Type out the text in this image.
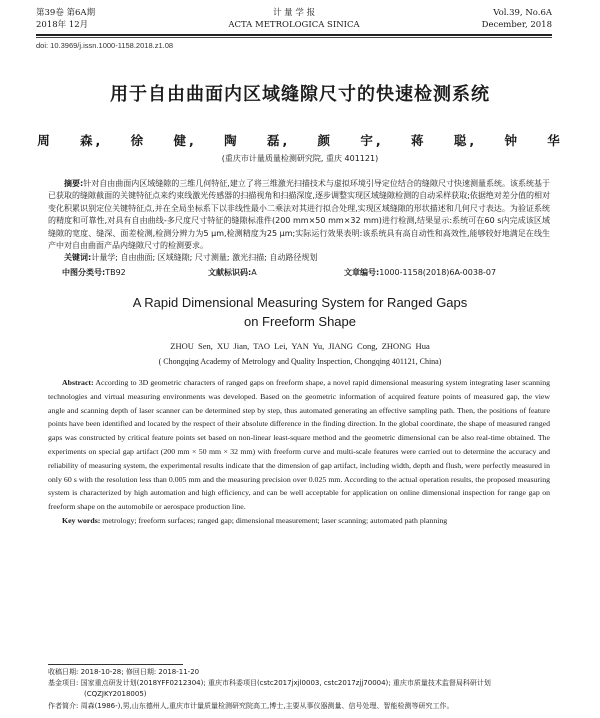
第39卷 第6A期
2018年 12月
计 量 学 报
ACTA METROLOGICA SINICA
Vol.39, No.6A
December, 2018
doi: 10.3969/j.issn.1000-1158.2018.z1.08
用于自由曲面内区域缝隙尺寸的快速检测系统
周 森, 徐 健, 陶 磊, 颜 宇, 蒋 聪, 钟 华
(重庆市计量质量检测研究院, 重庆 401121)

摘要:针对自由曲面内区域缝隙的三维几何特征,建立了将三维激光扫描技术与虚拟环境引导定位结合的缝隙尺寸快速测量系统。该系统基于已获取的缝隙截面的关键特征点来约束线激光传感器的扫描视角和扫描深度,逐步调整实现区域缝隙检测的自动采样获取;依据绝对差分值的相对变化积累识别定位关键特征点,并在全局坐标系下以非线性最小二乘法对其进行拟合处理,实现区域缝隙的形状描述和几何尺寸表达。为验证系统的精度和可靠性,对具有自由曲线-多尺度尺寸特征的缝隙标准件(200 mm×50 mm×32 mm)进行检测,结果显示:系统可在60 s内完成该区域缝隙的宽度、缝深、面差检测,检测分辨力为5 μm,检测精度为25 μm;实际运行效果表明:该系统具有高自动性和高效性,能够较好地满足在线生产中对自由曲面产品内缝隙尺寸的检测要求。

关键词:计量学; 自由曲面; 区域缝隙; 尺寸测量; 激光扫描; 自动路径规划

中图分类号:TB92	文献标识码:A	文章编号:1000-1158(2018)6A-0038-07
A Rapid Dimensional Measuring System for Ranged Gaps
on Freeform Shape
ZHOU Sen, XU Jian, TAO Lei, YAN Yu, JIANG Cong, ZHONG Hua
( Chongqing Academy of Metrology and Quality Inspection, Chongqing 401121, China)

Abstract: According to 3D geometric characters of ranged gaps on freeform shape, a novel rapid dimensional measuring system integrating laser scanning technologies and virtual measuring environments was developed. Based on the geometric information of acquired feature points of measured gap, the view angle and scanning depth of laser scanner can be determined step by step, thus automated generating an effective sampling path. Then, the positions of feature points have been identified and located by the respect of their absolute difference in the finding direction. In the global coordinate, the shape of measured ranged gaps was constructed by critical feature points set based on non-linear least-square method and the geometric dimensional can be also real-time obtained. The experiments on special gap artifact (200 mm × 50 mm × 32 mm) with freeform curve and multi-scale features were carried out to determine the accuracy and reliability of measuring system, the experimental results indicate that the dimension of gap artifact, including width, depth and flush, were perfectly measured in only 60 s with the resolution less than 0.005 mm and the measuring precision over 0.025 mm. According to the actual operation results, the proposed measuring system is characterized by high automation and high efficiency, and can be well acceptable for application on online dimensional inspection for range gap on freeform shape on the automobile or aerospace production line.

Key words: metrology; freeform surfaces; ranged gap; dimensional measurement; laser scanning; automated path planning

收稿日期: 2018-10-28; 修回日期: 2018-11-20
基金项目: 国家重点研发计划(2018YFF0212304); 重庆市科委项目(cstc2017jxjl0003, cstc2017zjj70004); 重庆市质量技术监督局科研计划
(CQZJKY2018005)
作者简介: 周森(1986-),男,山东德州人,重庆市计量质量检测研究院高工,博士,主要从事仪器测量、信号处理、智能检测等研究工作。
